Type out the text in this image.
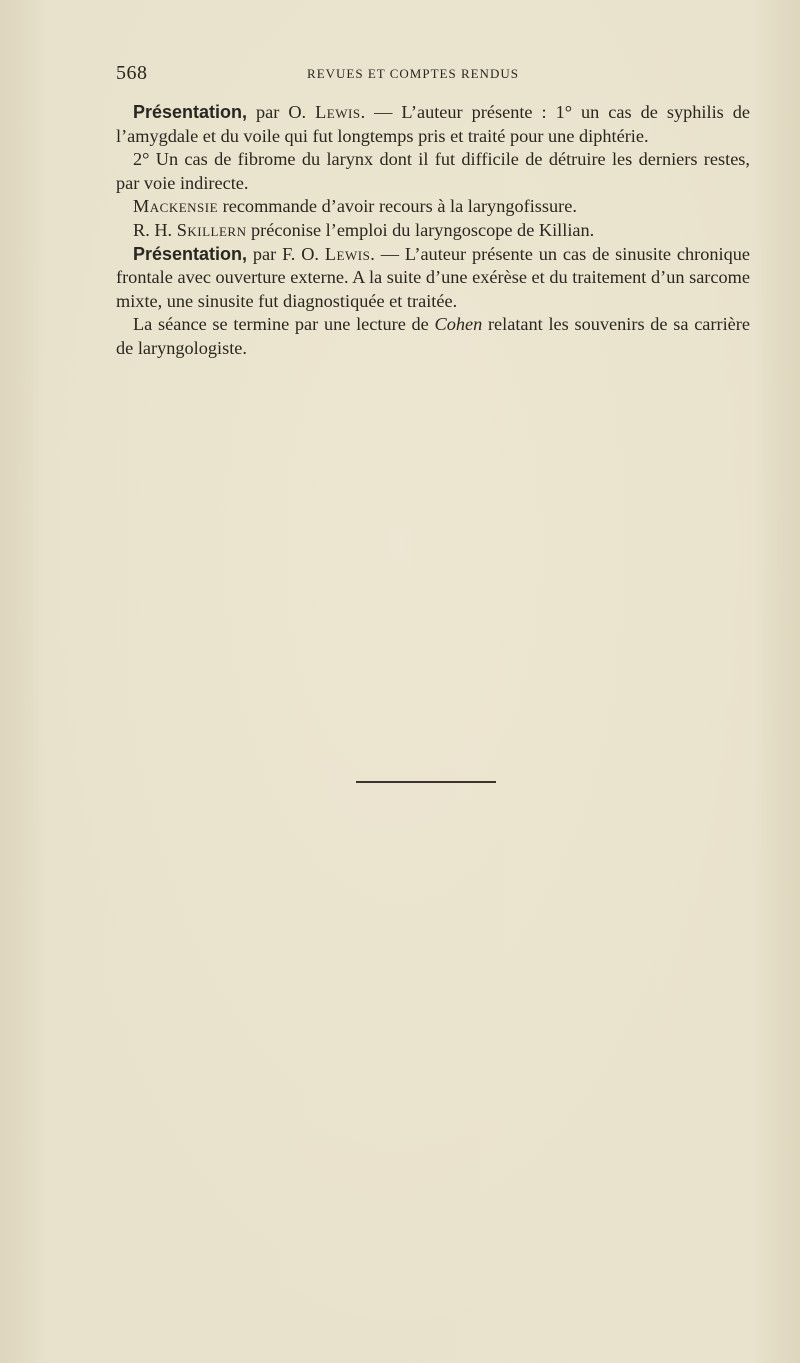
568	REVUES ET COMPTES RENDUS

Présentation, par O. Lewis. — L’auteur présente : 1° un cas de syphilis de l’amygdale et du voile qui fut longtemps pris et traité pour une diphtérie.

2° Un cas de fibrome du larynx dont il fut difficile de détruire les derniers restes, par voie indirecte.

Mackensie recommande d’avoir recours à la laryngofissure.

R. H. Skillern préconise l’emploi du laryngoscope de Killian.

Présentation, par F. O. Lewis. — L’auteur présente un cas de sinusite chronique frontale avec ouverture externe. A la suite d’une exérèse et du traitement d’un sarcome mixte, une sinusite fut diagnostiquée et traitée.

La séance se termine par une lecture de Cohen relatant les souvenirs de sa carrière de laryngologiste.
